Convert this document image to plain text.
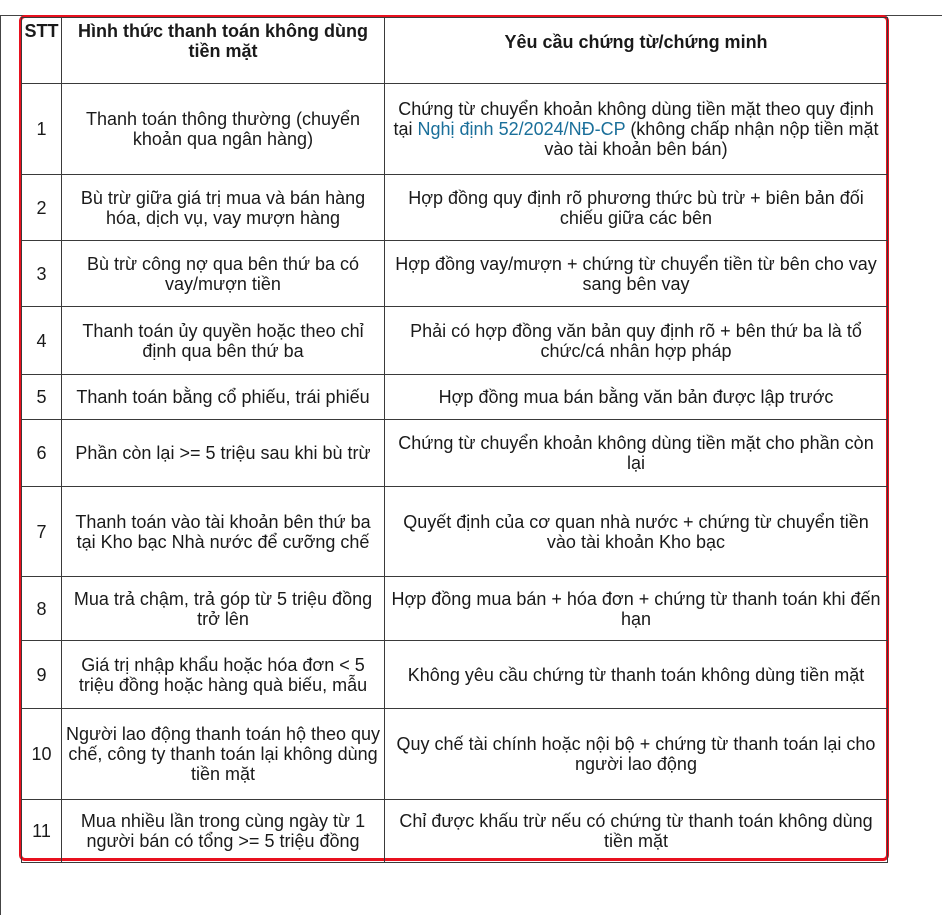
STT	Hình thức thanh toán không dùng tiền mặt	Yêu cầu chứng từ/chứng minh
1	Thanh toán thông thường (chuyển khoản qua ngân hàng)	Chứng từ chuyển khoản không dùng tiền mặt theo quy định tại Nghị định 52/2024/NĐ-CP (không chấp nhận nộp tiền mặt vào tài khoản bên bán)
2	Bù trừ giữa giá trị mua và bán hàng hóa, dịch vụ, vay mượn hàng	Hợp đồng quy định rõ phương thức bù trừ + biên bản đối chiếu giữa các bên
3	Bù trừ công nợ qua bên thứ ba có vay/mượn tiền	Hợp đồng vay/mượn + chứng từ chuyển tiền từ bên cho vay sang bên vay
4	Thanh toán ủy quyền hoặc theo chỉ định qua bên thứ ba	Phải có hợp đồng văn bản quy định rõ + bên thứ ba là tổ chức/cá nhân hợp pháp
5	Thanh toán bằng cổ phiếu, trái phiếu	Hợp đồng mua bán bằng văn bản được lập trước
6	Phần còn lại >= 5 triệu sau khi bù trừ	Chứng từ chuyển khoản không dùng tiền mặt cho phần còn lại
7	Thanh toán vào tài khoản bên thứ ba tại Kho bạc Nhà nước để cưỡng chế	Quyết định của cơ quan nhà nước + chứng từ chuyển tiền vào tài khoản Kho bạc
8	Mua trả chậm, trả góp từ 5 triệu đồng trở lên	Hợp đồng mua bán + hóa đơn + chứng từ thanh toán khi đến hạn
9	Giá trị nhập khẩu hoặc hóa đơn < 5 triệu đồng hoặc hàng quà biếu, mẫu	Không yêu cầu chứng từ thanh toán không dùng tiền mặt
10	Người lao động thanh toán hộ theo quy chế, công ty thanh toán lại không dùng tiền mặt	Quy chế tài chính hoặc nội bộ + chứng từ thanh toán lại cho người lao động
11	Mua nhiều lần trong cùng ngày từ 1 người bán có tổng >= 5 triệu đồng	Chỉ được khấu trừ nếu có chứng từ thanh toán không dùng tiền mặt
